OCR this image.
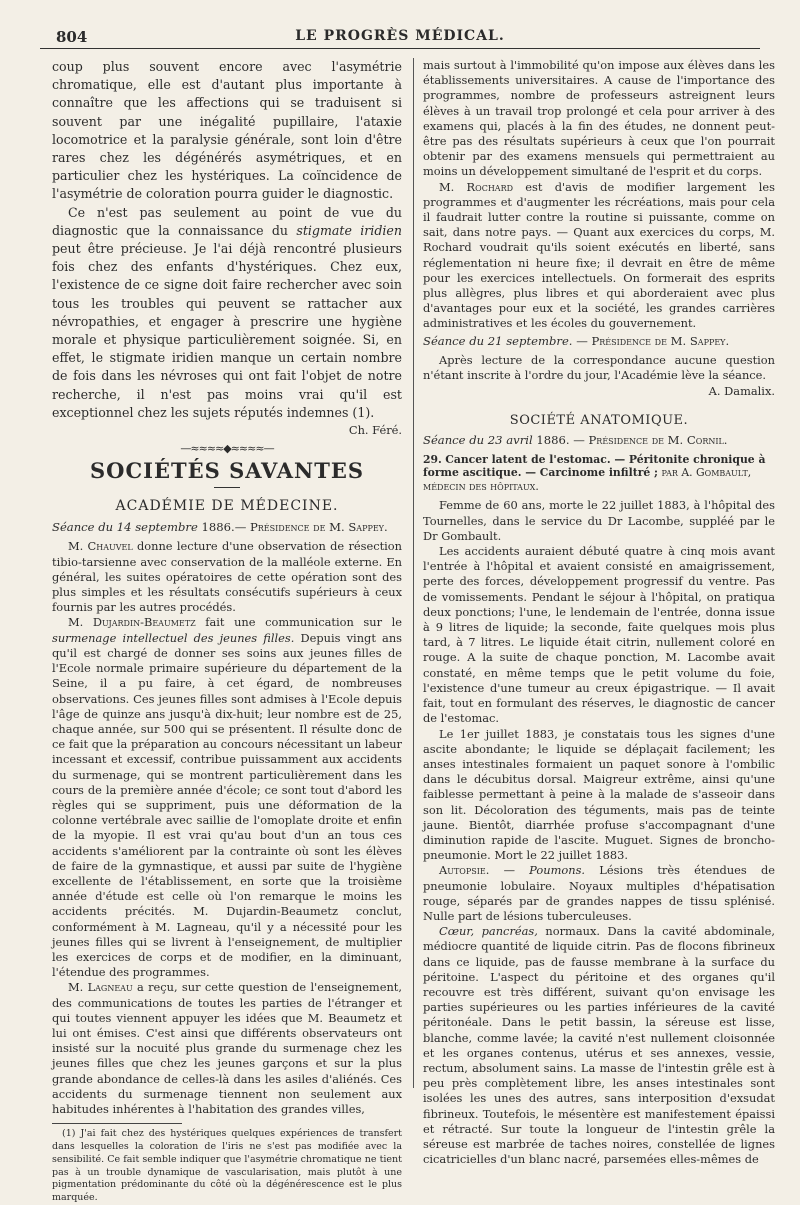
804	LE PROGRÈS MÉDICAL.

coup plus souvent encore avec l'asymétrie chromatique, elle est d'autant plus importante à connaître que les affections qui se traduisent si souvent par une inégalité pupillaire, l'ataxie locomotrice et la paralysie générale, sont loin d'être rares chez les dégénérés asymétriques, et en particulier chez les hystériques. La coïncidence de l'asymétrie de coloration pourra guider le diagnostic.

Ce n'est pas seulement au point de vue du diagnostic que la connaissance du stigmate iridien peut être précieuse. Je l'ai déjà rencontré plusieurs fois chez des enfants d'hystériques. Chez eux, l'existence de ce signe doit faire rechercher avec soin tous les troubles qui peuvent se rattacher aux névropathies, et engager à prescrire une hygiène morale et physique particulièrement soignée. Si, en effet, le stigmate iridien manque un certain nombre de fois dans les névroses qui ont fait l'objet de notre recherche, il n'est pas moins vrai qu'il est exceptionnel chez les sujets réputés indemnes (1).

Ch. Féré.
—≈≈≈≈◆≈≈≈≈—
SOCIÉTÉS SAVANTES
ACADÉMIE DE MÉDECINE.

Séance du 14 septembre 1886.— Présidence de M. Sappey.

M. Chauvel donne lecture d'une observation de résection tibio-tarsienne avec conservation de la malléole externe. En général, les suites opératoires de cette opération sont des plus simples et les résultats consécutifs supérieurs à ceux fournis par les autres procédés.

M. Dujardin-Beaumetz fait une communication sur le surmenage intellectuel des jeunes filles. Depuis vingt ans qu'il est chargé de donner ses soins aux jeunes filles de l'Ecole normale primaire supérieure du département de la Seine, il a pu faire, à cet égard, de nombreuses observations. Ces jeunes filles sont admises à l'Ecole depuis l'âge de quinze ans jusqu'à dix-huit; leur nombre est de 25, chaque année, sur 500 qui se présentent. Il résulte donc de ce fait que la préparation au concours nécessitant un labeur incessant et excessif, contribue puissamment aux accidents du surmenage, qui se montrent particulièrement dans les cours de la première année d'école; ce sont tout d'abord les règles qui se suppriment, puis une déformation de la colonne vertébrale avec saillie de l'omoplate droite et enfin de la myopie. Il est vrai qu'au bout d'un an tous ces accidents s'améliorent par la contrainte où sont les élèves de faire de la gymnastique, et aussi par suite de l'hygiène excellente de l'établissement, en sorte que la troisième année d'étude est celle où l'on remarque le moins les accidents précités. M. Dujardin-Beaumetz conclut, conformément à M. Lagneau, qu'il y a nécessité pour les jeunes filles qui se livrent à l'enseignement, de multiplier les exercices de corps et de modifier, en la diminuant, l'étendue des programmes.

M. Lagneau a reçu, sur cette question de l'enseignement, des communications de toutes les parties de l'étranger et qui toutes viennent appuyer les idées que M. Beaumetz et lui ont émises. C'est ainsi que différents observateurs ont insisté sur la nocuité plus grande du surmenage chez les jeunes filles que chez les jeunes garçons et sur la plus grande abondance de celles-là dans les asiles d'aliénés. Ces accidents du surmenage tiennent non seulement aux habitudes inhérentes à l'habitation des grandes villes,

(1) J'ai fait chez des hystériques quelques expériences de transfert dans lesquelles la coloration de l'iris ne s'est pas modifiée avec la sensibilité. Ce fait semble indiquer que l'asymétrie chromatique ne tient pas à un trouble dynamique de vascularisation, mais plutôt à une pigmentation prédominante du côté où la dégénérescence est le plus marquée.

mais surtout à l'immobilité qu'on impose aux élèves dans les établissements universitaires. A cause de l'importance des programmes, nombre de professeurs astreignent leurs élèves à un travail trop prolongé et cela pour arriver à des examens qui, placés à la fin des études, ne donnent peut-être pas des résultats supérieurs à ceux que l'on pourrait obtenir par des examens mensuels qui permettraient au moins un développement simultané de l'esprit et du corps.

M. Rochard est d'avis de modifier largement les programmes et d'augmenter les récréations, mais pour cela il faudrait lutter contre la routine si puissante, comme on sait, dans notre pays. — Quant aux exercices du corps, M. Rochard voudrait qu'ils soient exécutés en liberté, sans réglementation ni heure fixe; il devrait en être de même pour les exercices intellectuels. On formerait des esprits plus allègres, plus libres et qui aborderaient avec plus d'avantages pour eux et la société, les grandes carrières administratives et les écoles du gouvernement.

Séance du 21 septembre. — Présidence de M. Sappey.

Après lecture de la correspondance aucune question n'étant inscrite à l'ordre du jour, l'Académie lève la séance.

A. Damalix.
SOCIÉTÉ ANATOMIQUE.

Séance du 23 avril 1886. — Présidence de M. Cornil.

29. Cancer latent de l'estomac. — Péritonite chronique à forme ascitique. — Carcinome infiltré ; par A. Gombault, médecin des hôpitaux.

Femme de 60 ans, morte le 22 juillet 1883, à l'hôpital des Tournelles, dans le service du Dr Lacombe, suppléé par le Dr Gombault.

Les accidents auraient débuté quatre à cinq mois avant l'entrée à l'hôpital et avaient consisté en amaigrissement, perte des forces, développement progressif du ventre. Pas de vomissements. Pendant le séjour à l'hôpital, on pratiqua deux ponctions; l'une, le lendemain de l'entrée, donna issue à 9 litres de liquide; la seconde, faite quelques mois plus tard, à 7 litres. Le liquide était citrin, nullement coloré en rouge. A la suite de chaque ponction, M. Lacombe avait constaté, en même temps que le petit volume du foie, l'existence d'une tumeur au creux épigastrique. — Il avait fait, tout en formulant des réserves, le diagnostic de cancer de l'estomac.

Le 1er juillet 1883, je constatais tous les signes d'une ascite abondante; le liquide se déplaçait facilement; les anses intestinales formaient un paquet sonore à l'ombilic dans le décubitus dorsal. Maigreur extrême, ainsi qu'une faiblesse permettant à peine à la malade de s'asseoir dans son lit. Décoloration des téguments, mais pas de teinte jaune. Bientôt, diarrhée profuse s'accompagnant d'une diminution rapide de l'ascite. Muguet. Signes de broncho-pneumonie. Mort le 22 juillet 1883.

Autopsie. — Poumons. Lésions très étendues de pneumonie lobulaire. Noyaux multiples d'hépatisation rouge, séparés par de grandes nappes de tissu splénisé. Nulle part de lésions tuberculeuses.

Cœur, pancréas, normaux. Dans la cavité abdominale, médiocre quantité de liquide citrin. Pas de flocons fibrineux dans ce liquide, pas de fausse membrane à la surface du péritoine. L'aspect du péritoine et des organes qu'il recouvre est très différent, suivant qu'on envisage les parties supérieures ou les parties inférieures de la cavité péritonéale. Dans le petit bassin, la séreuse est lisse, blanche, comme lavée; la cavité n'est nullement cloisonnée et les organes contenus, utérus et ses annexes, vessie, rectum, absolument sains. La masse de l'intestin grêle est à peu près complètement libre, les anses intestinales sont isolées les unes des autres, sans interposition d'exsudat fibrineux. Toutefois, le mésentère est manifestement épaissi et rétracté. Sur toute la longueur de l'intestin grêle la séreuse est marbrée de taches noires, constellée de lignes cicatricielles d'un blanc nacré, parsemées elles-mêmes de
